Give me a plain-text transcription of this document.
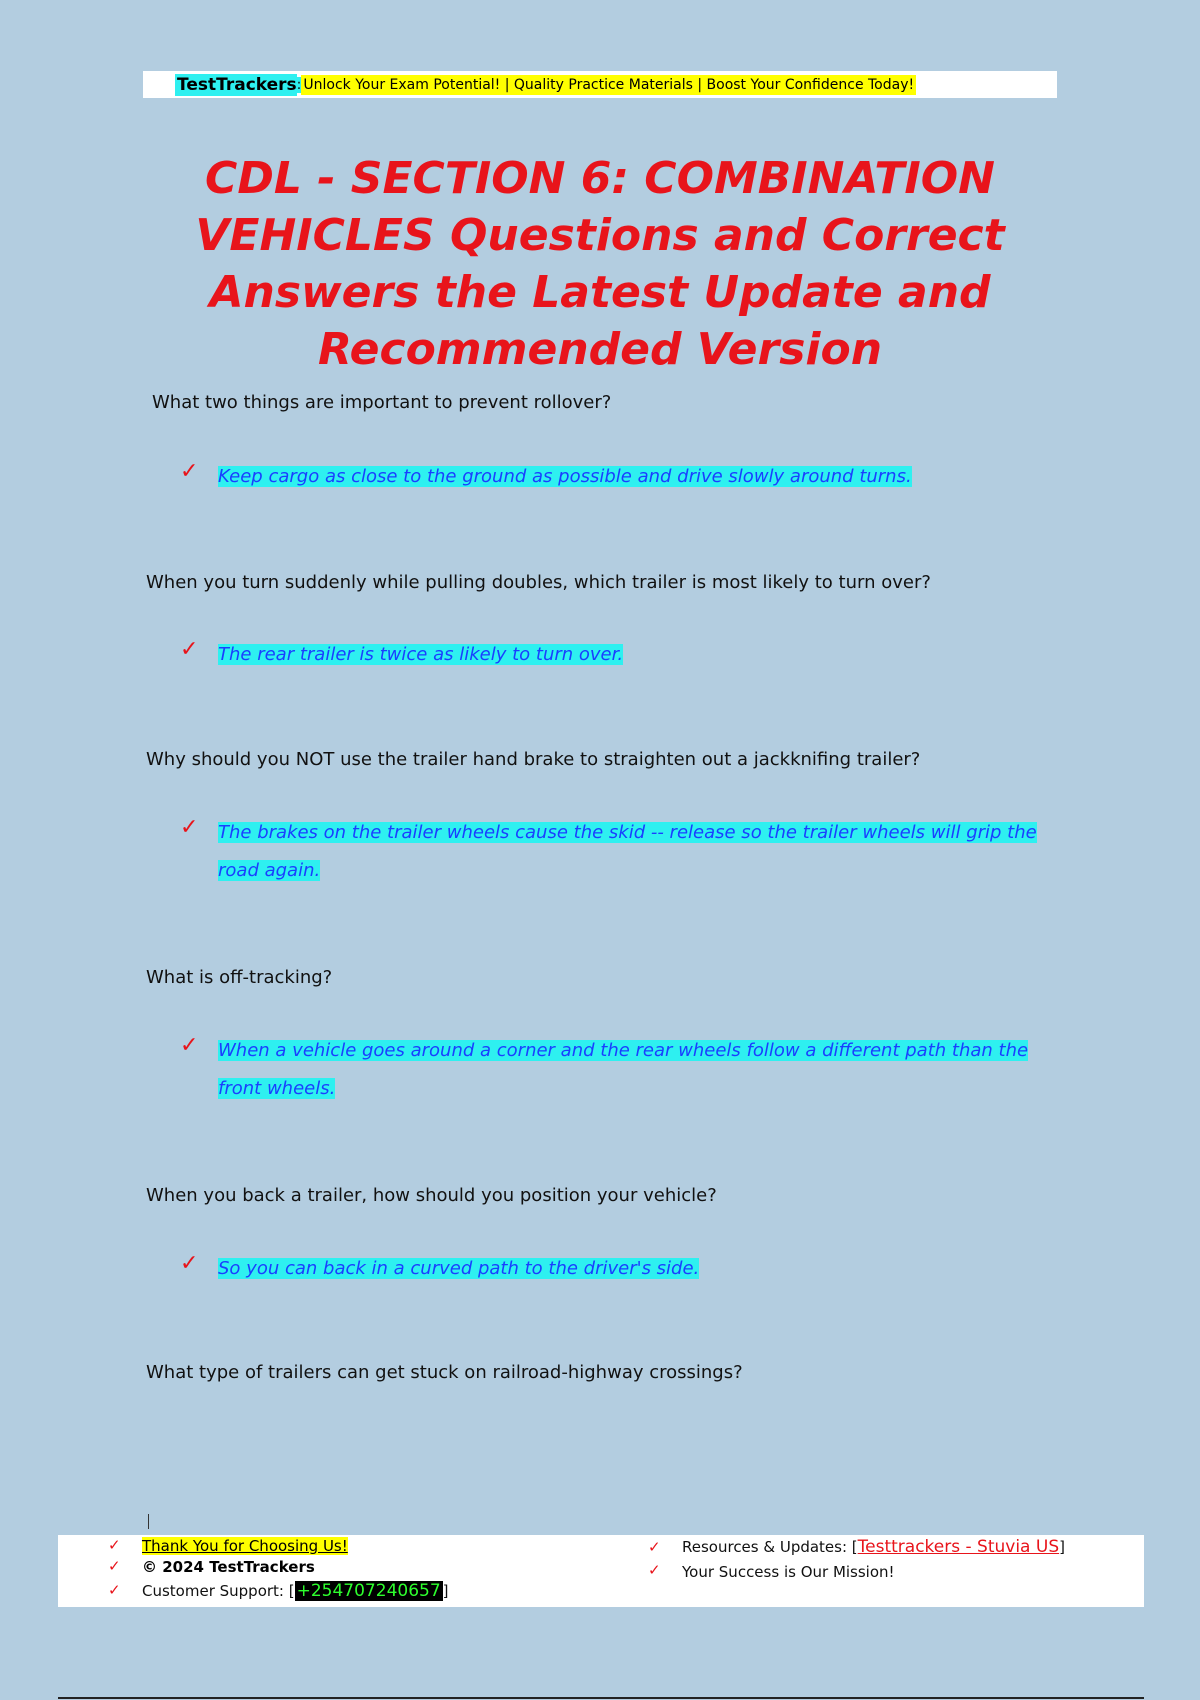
TestTrackers : Unlock Your Exam Potential! | Quality Practice Materials | Boost Your Confidence Today!
CDL - SECTION 6: COMBINATION VEHICLES Questions and Correct Answers the Latest Update and Recommended Version
What two things are important to prevent rollover?
✓ Keep cargo as close to the ground as possible and drive slowly around turns.
When you turn suddenly while pulling doubles, which trailer is most likely to turn over?
✓ The rear trailer is twice as likely to turn over.
Why should you NOT use the trailer hand brake to straighten out a jackknifing trailer?
✓ The brakes on the trailer wheels cause the skid -- release so the trailer wheels will grip the road again.
What is off-tracking?
✓ When a vehicle goes around a corner and the rear wheels follow a different path than the front wheels.
When you back a trailer, how should you position your vehicle?
✓ So you can back in a curved path to the driver's side.
What type of trailers can get stuck on railroad-highway crossings?
✓ Thank You for Choosing Us!
✓ © 2024 TestTrackers
✓ Customer Support: [ +254707240657 ]
✓ Resources & Updates: [Testtrackers - Stuvia US]
✓ Your Success is Our Mission!
